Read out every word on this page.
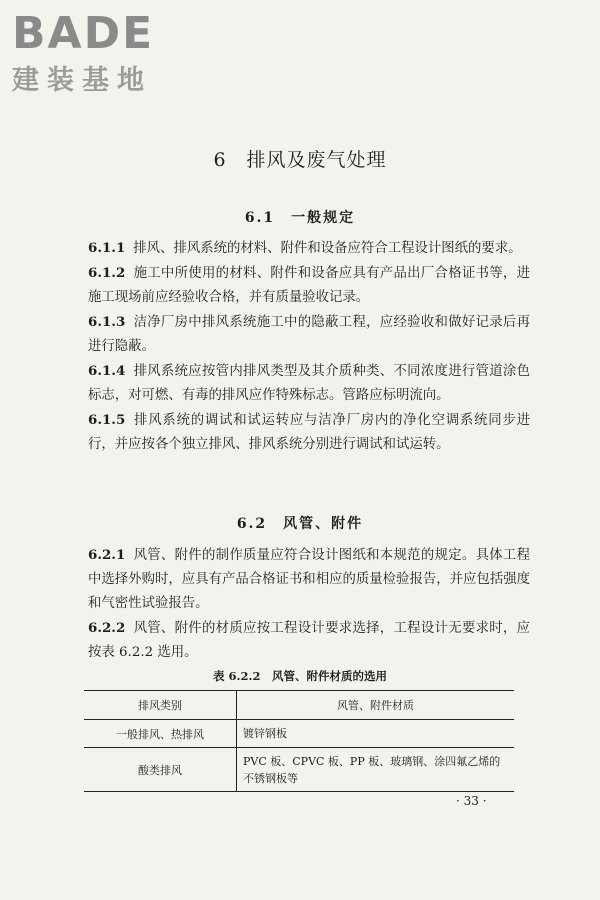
BADE
建装基地
6　排风及废气处理
6.1　一般规定

6.1.1 排风、排风系统的材料、附件和设备应符合工程设计图纸的要求。

6.1.2 施工中所使用的材料、附件和设备应具有产品出厂合格证书等，进施工现场前应经验收合格，并有质量验收记录。

6.1.3 洁净厂房中排风系统施工中的隐蔽工程，应经验收和做好记录后再进行隐蔽。

6.1.4 排风系统应按管内排风类型及其介质种类、不同浓度进行管道涂色标志，对可燃、有毒的排风应作特殊标志。管路应标明流向。

6.1.5 排风系统的调试和试运转应与洁净厂房内的净化空调系统同步进行，并应按各个独立排风、排风系统分别进行调试和试运转。

6.2　风管、附件

6.2.1 风管、附件的制作质量应符合设计图纸和本规范的规定。具体工程中选择外购时，应具有产品合格证书和相应的质量检验报告，并应包括强度和气密性试验报告。

6.2.2 风管、附件的材质应按工程设计要求选择，工程设计无要求时，应按表 6.2.2 选用。

表 6.2.2　风管、附件材质的选用
排风类别	风管、附件材质
一般排风、热排风	镀锌钢板
酸类排风	PVC 板、CPVC 板、PP 板、玻璃钢、涂四氟乙烯的不锈钢板等
· 33 ·
